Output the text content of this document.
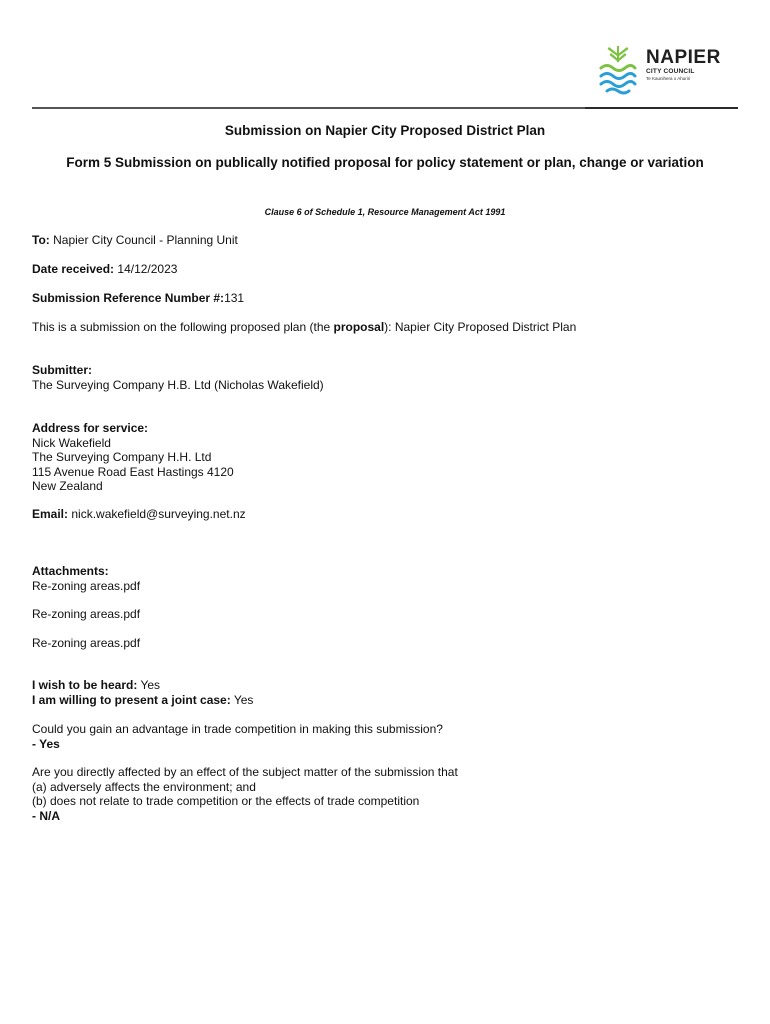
NAPIER
CITY COUNCIL
Te Kaunihera o Ahuriri
Submission on Napier City Proposed District Plan
Form 5 Submission on publically notified proposal for policy statement or plan, change or variation
Clause 6 of Schedule 1, Resource Management Act 1991
To: Napier City Council - Planning Unit
Date received: 14/12/2023
Submission Reference Number #:131
This is a submission on the following proposed plan (the proposal): Napier City Proposed District Plan
Submitter:
The Surveying Company H.B. Ltd (Nicholas Wakefield)
Address for service:
Nick Wakefield
The Surveying Company H.H. Ltd
115 Avenue Road East Hastings 4120
New Zealand
Email: nick.wakefield@surveying.net.nz
Attachments:
Re-zoning areas.pdf
Re-zoning areas.pdf
Re-zoning areas.pdf
I wish to be heard: Yes
I am willing to present a joint case: Yes
Could you gain an advantage in trade competition in making this submission?
- Yes
Are you directly affected by an effect of the subject matter of the submission that
(a) adversely affects the environment; and
(b) does not relate to trade competition or the effects of trade competition
- N/A
